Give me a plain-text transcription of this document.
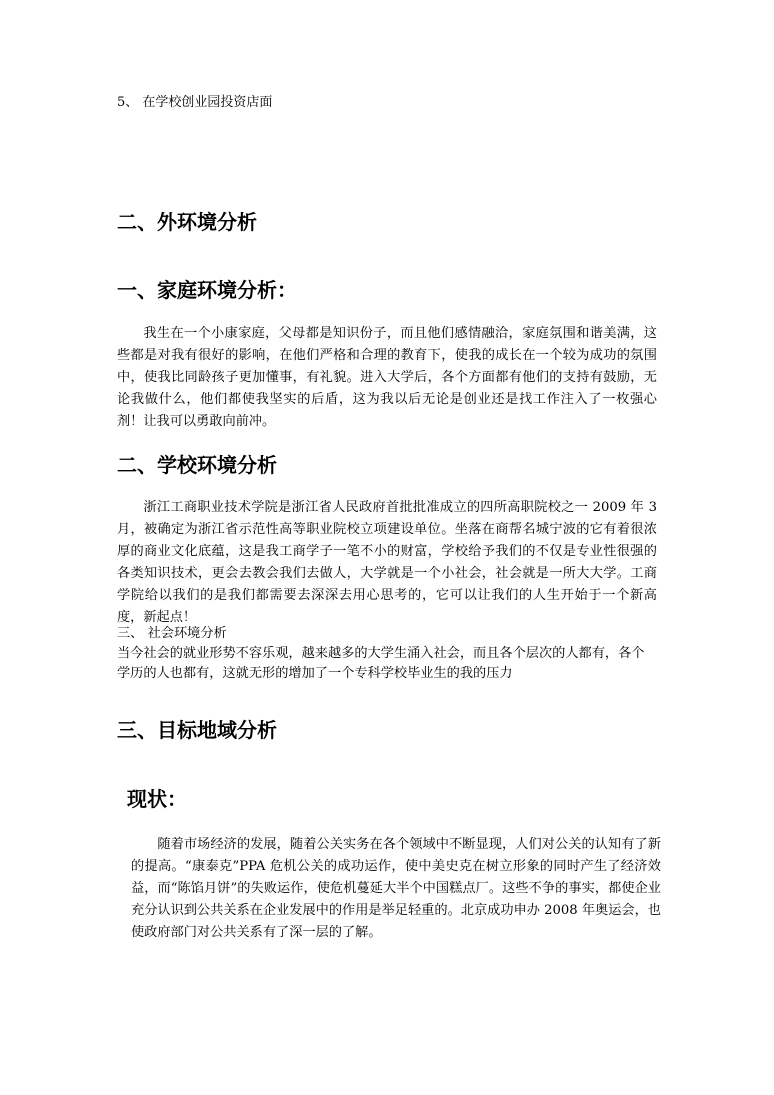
5、 在学校创业园投资店面
二、外环境分析
一、家庭环境分析：

我生在一个小康家庭，父母都是知识份子，而且他们感情融洽，家庭氛围和谐美满，这些都是对我有很好的影响，在他们严格和合理的教育下，使我的成长在一个较为成功的氛围中，使我比同龄孩子更加懂事，有礼貌。进入大学后，各个方面都有他们的支持有鼓励，无论我做什么，他们都使我坚实的后盾，这为我以后无论是创业还是找工作注入了一枚强心剂！让我可以勇敢向前冲。

二、学校环境分析

浙江工商职业技术学院是浙江省人民政府首批批准成立的四所高职院校之一 2009 年 3 月，被确定为浙江省示范性高等职业院校立项建设单位。坐落在商帮名城宁波的它有着很浓厚的商业文化底蕴，这是我工商学子一笔不小的财富，学校给予我们的不仅是专业性很强的各类知识技术，更会去教会我们去做人，大学就是一个小社会，社会就是一所大大学。工商学院给以我们的是我们都需要去深深去用心思考的，它可以让我们的人生开始于一个新高度，新起点！

三、 社会环境分析
当今社会的就业形势不容乐观，越来越多的大学生涌入社会，而且各个层次的人都有，各个
学历的人也都有，这就无形的增加了一个专科学校毕业生的我的压力
三、目标地域分析
现状：

随着市场经济的发展，随着公关实务在各个领域中不断显现，人们对公关的认知有了新的提高。“康泰克”PPA 危机公关的成功运作，使中美史克在树立形象的同时产生了经济效益，而“陈馅月饼”的失败运作，使危机蔓延大半个中国糕点厂。这些不争的事实，都使企业充分认识到公共关系在企业发展中的作用是举足轻重的。北京成功申办 2008 年奥运会，也使政府部门对公共关系有了深一层的了解。
